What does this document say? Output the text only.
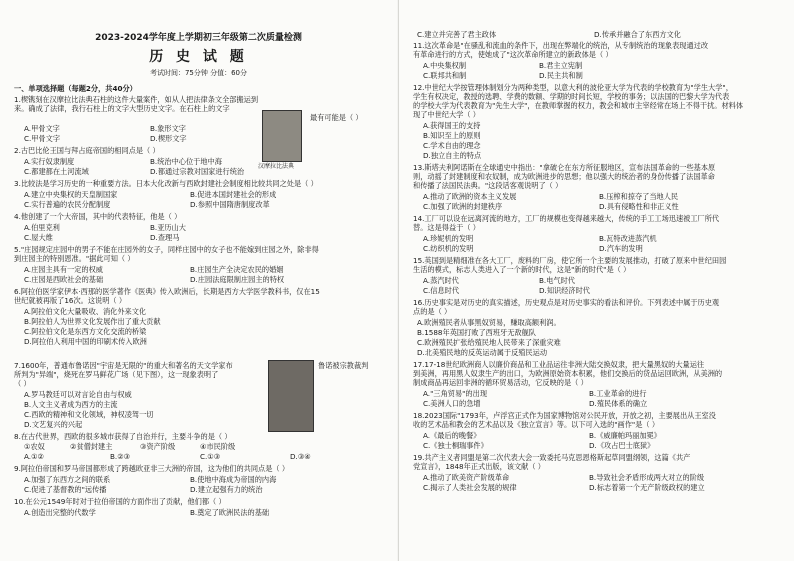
2023-2024学年度上学期初三年级第二次质量检测
历 史 试 题
考试时间：75分钟 分值：60分
一、单项选择题（每题2分，共40分）
1.楔镌刻在汉摩拉比法典石柱的这件大量案件，如从人把法律条文全部搬运到
来。确成了法律，我行石柱上的文字大型历史文字。在石柱上的文字
最有可能是（ ）
A.甲骨文字	B.象形文字
C.甲骨文字	D.楔形文字
汉摩拉比法典
2.古巴比伦王国与拜占庭帝国的相同点是（ ）
A.实行奴隶制度	B.统治中心位于地中海
C.都建都在土河流域	D.都通过宗教对国家进行统治
3.比较法是学习历史的一种重要方法。日本大化改新与西欧封建社会制度相比较共同之处是（ ）
A.建立中央集权的天皇制国家	B.促进本国封建社会的形成
C.实行普遍的农民分配制度	D.参照中国隋唐制度改革
4.他创建了一个大帝国，其中的代表特征，他是（ ）
A.伯里克利	B.亚历山大
C.屋大维	D.查理马
5."庄园规定庄园中的男子不能在庄园外的女子，同样庄园中的女子也不能嫁到庄园之外，除非得
到庄园主的特别恩准。"据此可知（ ）
A.庄园主具有一定的权威	B.庄园生产全决定农民的婚姻
C.庄园是西欧社会的基础	D.庄园法庭限制庄园主的特权
6.阿拉伯医学家伊本·西那的医学著作《医典》传入欧洲后，长期是西方大学医学教科书，仅在15
世纪就被再版了16次。这说明（ ）
A.阿拉伯文化大量吸收、消化外来文化
B.阿拉伯人为世界文化发展作出了重大贡献
C.阿拉伯文化是东西方文化交流的桥梁
D.阿拉伯人利用中国的印刷术传入欧洲
7.1600年，普通布鲁诺因"宇宙是无限的"的重大和著名的天文学家布
所判为"异端"，烧死在罗马鲜花广场（见下图），这一现象表明了
（ ）
鲁诺被宗教裁判
A.罗马教廷可以对言论自由与权威
B.人文主义者成为西方的主流
C.西欧的精神和文化领域，神权凌驾一切
D.文艺复兴的兴起
8.在古代世界，西欧的很多城市获得了自治并行，主要斗争的是（ ）
①农奴	②贫僧封建主	③资产阶级	④市民阶级
A.①②	B.②③	C.①③	D.③④
9.阿拉伯帝国和罗马帝国都形成了跨越欧亚非三大洲的帝国，这为他们的共同点是（ ）
A.加强了东西方之间的联系	B.使地中海成为帝国的内海
C.促进了基督教的"远传播	D.建立起强有力的统治
10.在公元1549年时对于拉伯帝国的方面作出了贡献，他们都（ ）
A.创造出完整的代数学	B.奠定了欧洲民法的基础
C.建立并完善了君主政体	D.传承并融合了东西方文化
11.这次革命是"在骚乱和流血的条件下，出现在弊端化的统治，从专制统治的现象表现通过改
有革命进行的方式，使她成了"这次革命所建立的新政体是（ ）
A.中央集权制	B.君主立宪制
C.联邦共和制	D.民主共和制
12.中世纪大学按管理体制划分为两种类型，以意大利的波伦亚大学为代表的学校教育为"学生大学"，
学生有权决定，教授的选聘、学费的数额、学期的时间长短，学校的事务；以法国的巴黎大学为代表
的学校大学为代表教育为"先生大学"，在教师掌握的权力，教会和城市主宰经常在场上不得干扰。材料体
现了中世纪大学（ ）
A.获得国王的支持
B.知识至上的原则
C.学术自由的理念
D.独立自主的特点
13.斯塔夫利阿诺斯在全球通史中指出："拿破仑在东方所征服地区，宣布法国革命的一些基本原
则，动摇了封建制度和农奴制，成为欧洲进步的思想；他以强大的统治者的身份传播了法国革命
和传播了法国民法典。"这段话客观说明了（ ）
A.推动了欧洲的资本主义发展	B.压榨和掠夺了当地人民
C.加强了欧洲的封建秩序	D.具有侵略性和非正义性
14.工厂可以设在远离河流的地方，工厂的规模也变得越来越大，传统的手工工场迅速被工厂所代
替。这是得益于（ ）
A.珍妮机的发明	B.瓦特改进蒸汽机
C.纺织机的发明	D.汽车的发明
15.英国到是精细准在各大工厂，废料的厂房，使它所一个主要的发展推动，打破了原来中世纪田园
生活的模式，标志人类进入了一个新的时代，这是"新的时代"是（ ）
A.蒸汽时代	B.电气时代
C.信息时代	D.知识经济时代
16.历史事实是对历史的真实描述，历史观点是对历史事实的看法和评价。下列表述中属于历史观
点的是（ ）
A.欧洲殖民者从事黑奴贸易，赚取高额利润。
B.1588年英国打败了西班牙无敌舰队
C.欧洲殖民扩张给殖民地人民带来了深重灾难
D.北美殖民地的反英运动属于反殖民运动
17.17-18世纪欧洲商人以廉价商品和工业品运往非洲大陆交换奴隶，把大量黑奴的大量运往
到美洲，再用黑人奴隶生产的出口，为欧洲原始资本积累，他们交换后的货品运回欧洲，从美洲的
制成商品再运回非洲的循环贸易活动，它反映的是（ ）
A."三角贸易"的出现	B.工业革命的进行
C.美洲人口的急增	D.殖民体系的确立
18.2023国际"1793年，卢浮宫正式作为国家博物馆对公民开放，开放之初，主要展出从王室没
收的艺术品和教会的艺术品以及《独立宣言》等。以下可入选的"画作"是（ ）
A.《最后的晚餐》	B.《威廉帕玛丽加冕》
C.《独士桐瑞事件》	D.《攻占巴士底狱》
19.共产主义者同盟是第二次代表大会一致委托马克思恩格斯起草同盟纲领，这篇《共产
党宣言》，1848年正式出版，该文献（ ）
A.推动了欧美资产阶级革命	B.导致社会矛盾形成两大对立的阶级
C.揭示了人类社会发展的规律	D.标志着第一个无产阶级政权的建立
